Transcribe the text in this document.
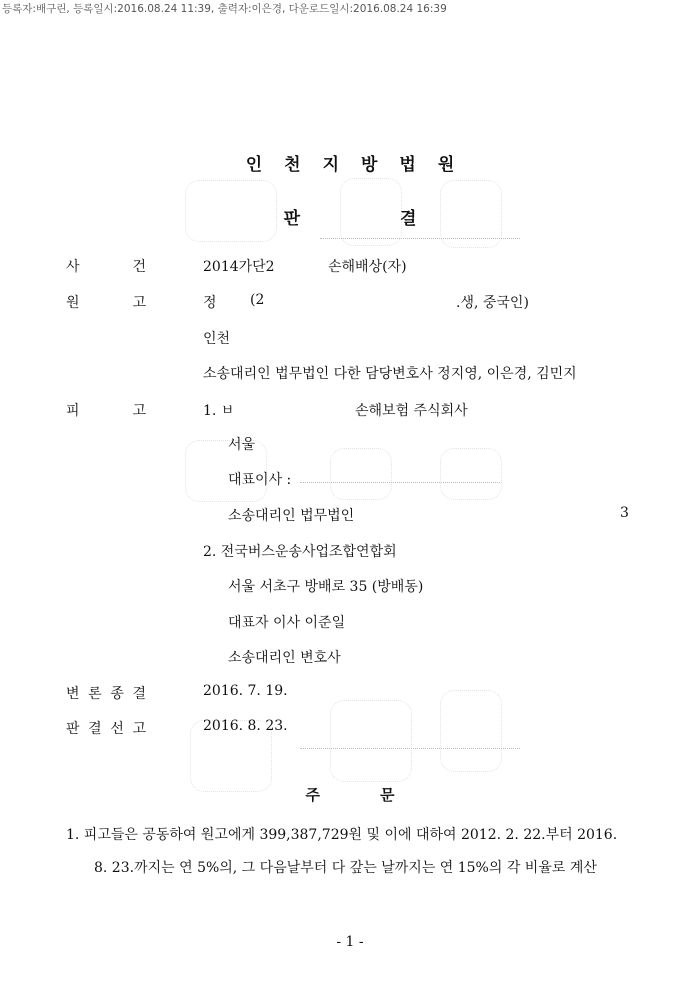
등록자:배구린, 등록일시:2016.08.24 11:39, 출력자:이은경, 다운로드일시:2016.08.24 16:39
인천지방법원
판결
사	건	2014가단2	손해배상(자)
원	고	정 (2	.생, 중국인)
인천
소송대리인 법무법인 다한 담당변호사 정지영, 이은경, 김민지
피	고	1. ㅂ	손해보험 주식회사
서울
대표이사 :
소송대리인 법무법인	3
2. 전국버스운송사업조합연합회
서울 서초구 방배로 35 (방배동)
대표자 이사 이준일
소송대리인 변호사
변 론 종 결	2016. 7. 19.
판 결 선 고	2016. 8. 23.
주문
1. 피고들은 공동하여 원고에게 399,387,729원 및 이에 대하여 2012. 2. 22.부터 2016.
8. 23.까지는 연 5%의, 그 다음날부터 다 갚는 날까지는 연 15%의 각 비율로 계산
- 1 -
